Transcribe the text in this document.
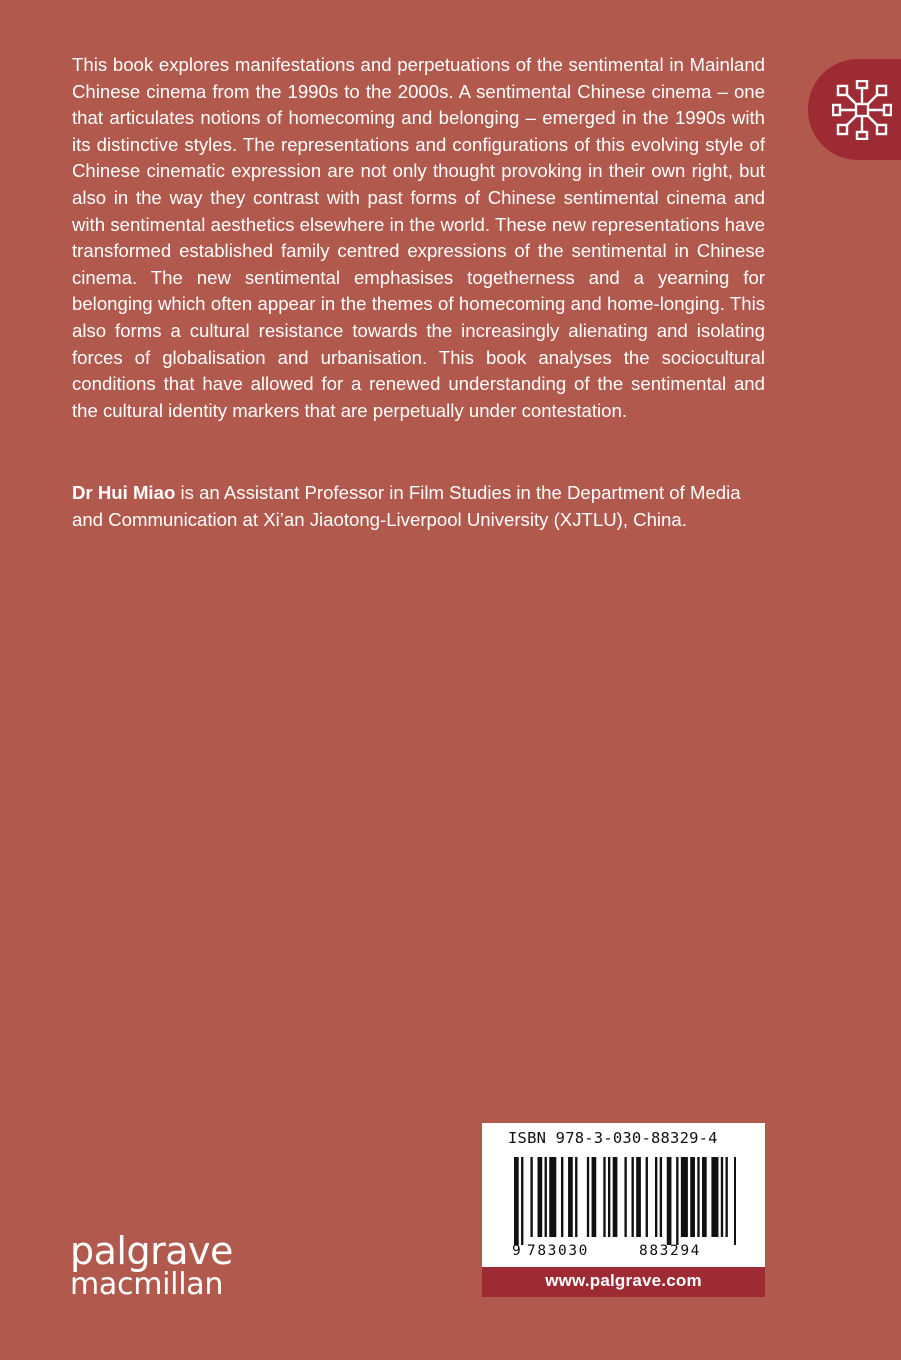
This book explores manifestations and perpetuations of the sentimental in Mainland Chinese cinema from the 1990s to the 2000s. A sentimental Chinese cinema – one that articulates notions of homecoming and belonging – emerged in the 1990s with its distinctive styles. The representations and configurations of this evolving style of Chinese cinematic expression are not only thought provoking in their own right, but also in the way they contrast with past forms of Chinese sentimental cinema and with sentimental aesthetics elsewhere in the world. These new representations have transformed established family centred expressions of the sentimental in Chinese cinema. The new sentimental emphasises togetherness and a yearning for belonging which often appear in the themes of homecoming and home-longing. This also forms a cultural resistance towards the increasingly alienating and isolating forces of globalisation and urbanisation. This book analyses the sociocultural conditions that have allowed for a renewed understanding of the sentimental and the cultural identity markers that are perpetually under contestation.

Dr Hui Miao is an Assistant Professor in Film Studies in the Department of Media and Communication at Xi’an Jiaotong-Liverpool University (XJTLU), China.

palgrave
macmillan
ISBN 978-3-030-88329-4
9 783030	883294
www.palgrave.com
